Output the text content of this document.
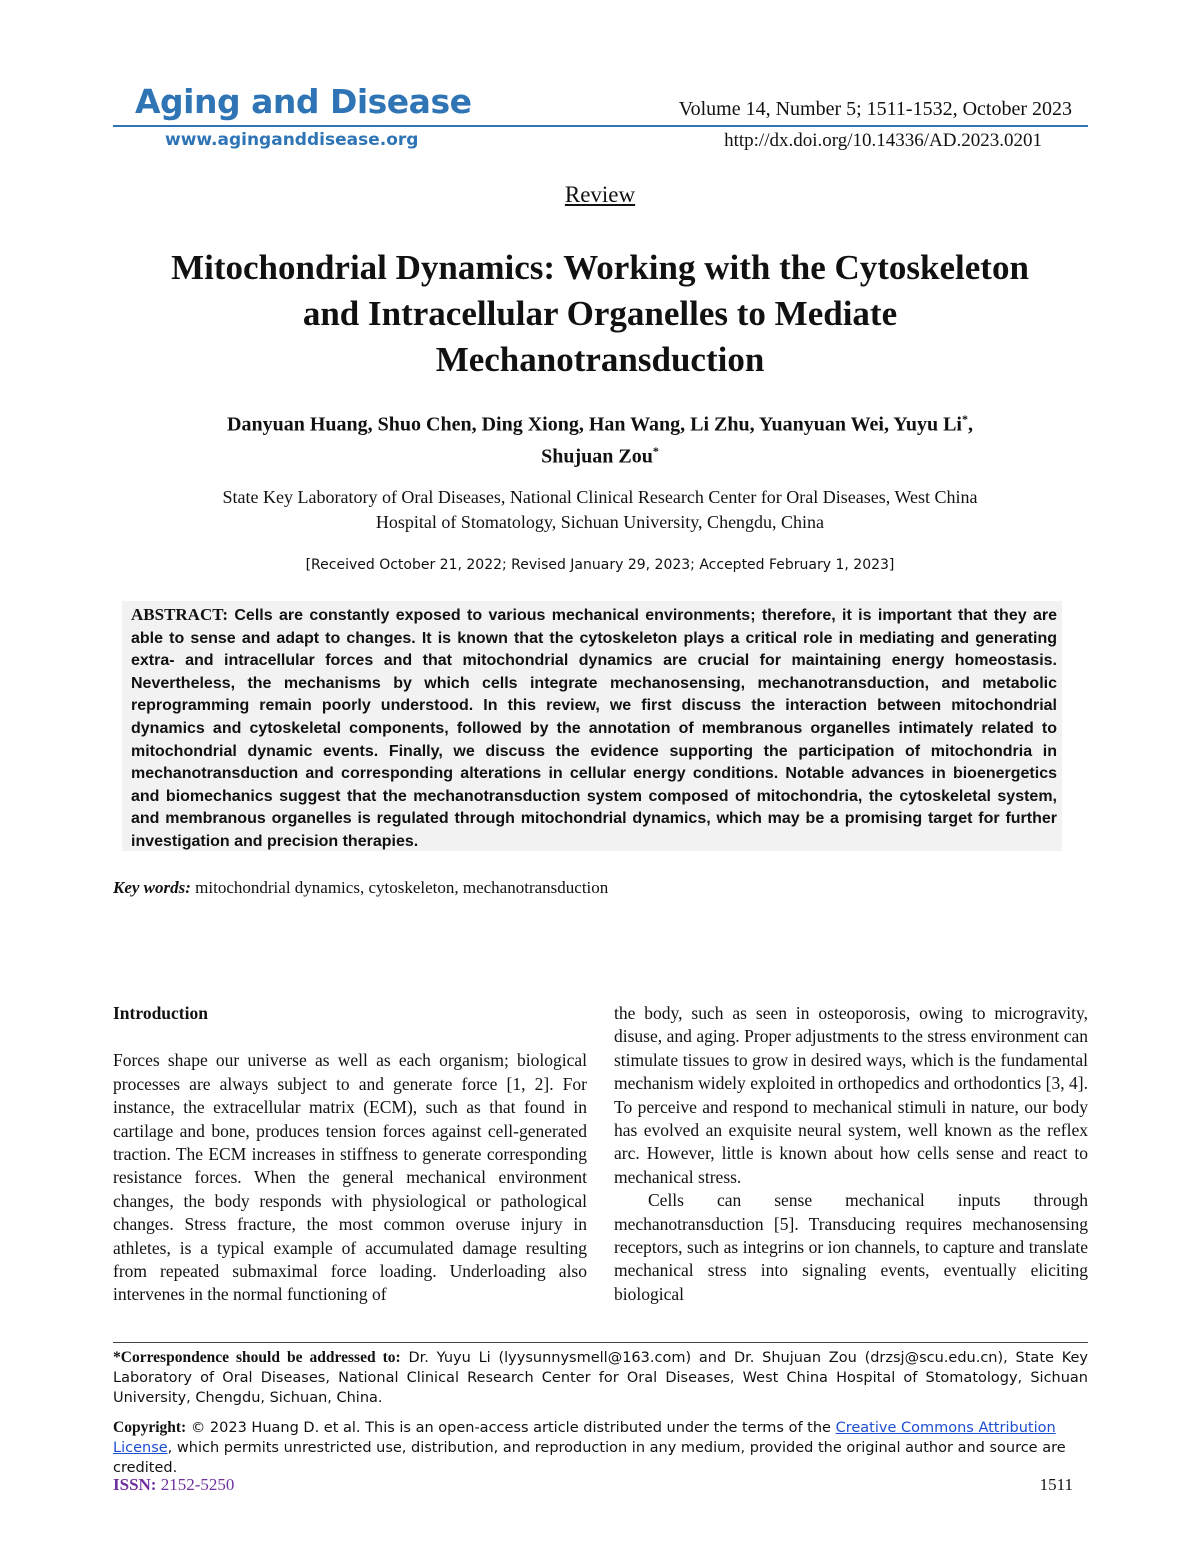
Aging and Disease
www.aginganddisease.org
Volume 14, Number 5; 1511-1532, October 2023
http://dx.doi.org/10.14336/AD.2023.0201
Review
Mitochondrial Dynamics: Working with the Cytoskeleton
and Intracellular Organelles to Mediate
Mechanotransduction
Danyuan Huang, Shuo Chen, Ding Xiong, Han Wang, Li Zhu, Yuanyuan Wei, Yuyu Li*,
Shujuan Zou*
State Key Laboratory of Oral Diseases, National Clinical Research Center for Oral Diseases, West China
Hospital of Stomatology, Sichuan University, Chengdu, China
[Received October 21, 2022; Revised January 29, 2023; Accepted February 1, 2023]
ABSTRACT: Cells are constantly exposed to various mechanical environments; therefore, it is important that they are able to sense and adapt to changes. It is known that the cytoskeleton plays a critical role in mediating and generating extra- and intracellular forces and that mitochondrial dynamics are crucial for maintaining energy homeostasis. Nevertheless, the mechanisms by which cells integrate mechanosensing, mechanotransduction, and metabolic reprogramming remain poorly understood. In this review, we first discuss the interaction between mitochondrial dynamics and cytoskeletal components, followed by the annotation of membranous organelles intimately related to mitochondrial dynamic events. Finally, we discuss the evidence supporting the participation of mitochondria in mechanotransduction and corresponding alterations in cellular energy conditions. Notable advances in bioenergetics and biomechanics suggest that the mechanotransduction system composed of mitochondria, the cytoskeletal system, and membranous organelles is regulated through mitochondrial dynamics, which may be a promising target for further investigation and precision therapies.
Key words: mitochondrial dynamics, cytoskeleton, mechanotransduction

Introduction

Forces shape our universe as well as each organism; biological processes are always subject to and generate force [1, 2]. For instance, the extracellular matrix (ECM), such as that found in cartilage and bone, produces tension forces against cell-generated traction. The ECM increases in stiffness to generate corresponding resistance forces. When the general mechanical environment changes, the body responds with physiological or pathological changes. Stress fracture, the most common overuse injury in athletes, is a typical example of accumulated damage resulting from repeated submaximal force loading. Underloading also intervenes in the normal functioning of

the body, such as seen in osteoporosis, owing to microgravity, disuse, and aging. Proper adjustments to the stress environment can stimulate tissues to grow in desired ways, which is the fundamental mechanism widely exploited in orthopedics and orthodontics [3, 4]. To perceive and respond to mechanical stimuli in nature, our body has evolved an exquisite neural system, well known as the reflex arc. However, little is known about how cells sense and react to mechanical stress.

Cells can sense mechanical inputs through mechanotransduction [5]. Transducing requires mechanosensing receptors, such as integrins or ion channels, to capture and translate mechanical stress into signaling events, eventually eliciting biological

*Correspondence should be addressed to: Dr. Yuyu Li (lyysunnysmell@163.com) and Dr. Shujuan Zou (drzsj@scu.edu.cn), State Key Laboratory of Oral Diseases, National Clinical Research Center for Oral Diseases, West China Hospital of Stomatology, Sichuan University, Chengdu, Sichuan, China.
Copyright: © 2023 Huang D. et al. This is an open-access article distributed under the terms of the Creative Commons Attribution License, which permits unrestricted use, distribution, and reproduction in any medium, provided the original author and source are credited.
ISSN: 2152-5250	1511
